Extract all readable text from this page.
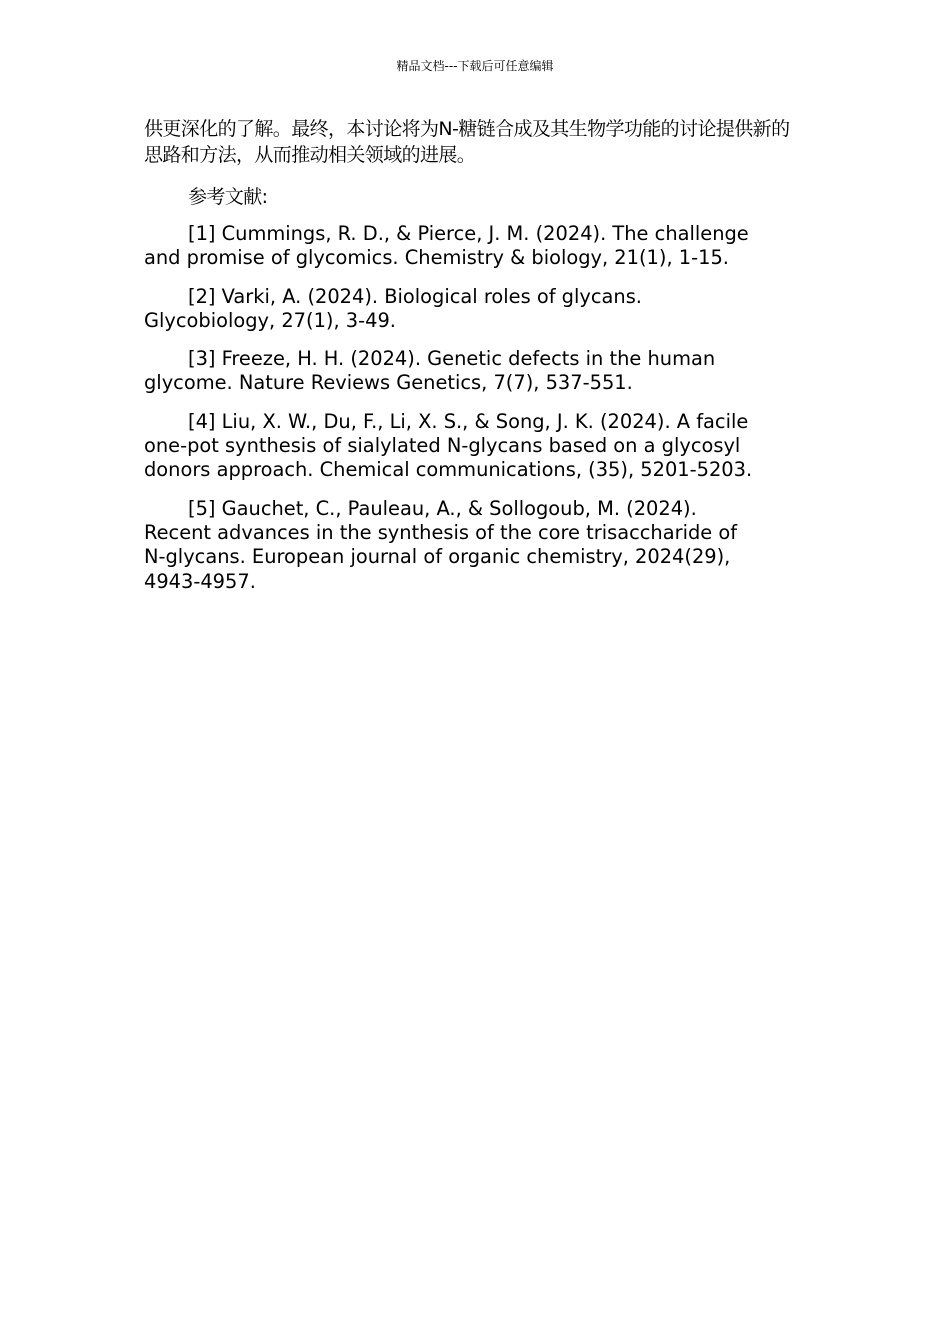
精品文档---下载后可任意编辑

供更深化的了解。最终，本讨论将为N-糖链合成及其生物学功能的讨论提供新的思路和方法，从而推动相关领域的进展。

参考文献:

[1] Cummings, R. D., & Pierce, J. M. (2024). The challenge
and promise of glycomics. Chemistry & biology, 21(1), 1-15.

[2] Varki, A. (2024). Biological roles of glycans.
Glycobiology, 27(1), 3-49.

[3] Freeze, H. H. (2024). Genetic defects in the human
glycome. Nature Reviews Genetics, 7(7), 537-551.

[4] Liu, X. W., Du, F., Li, X. S., & Song, J. K. (2024). A facile
one-pot synthesis of sialylated N-glycans based on a glycosyl
donors approach. Chemical communications, (35), 5201-5203.

[5] Gauchet, C., Pauleau, A., & Sollogoub, M. (2024).
Recent advances in the synthesis of the core trisaccharide of
N-glycans. European journal of organic chemistry, 2024(29),
4943-4957.
